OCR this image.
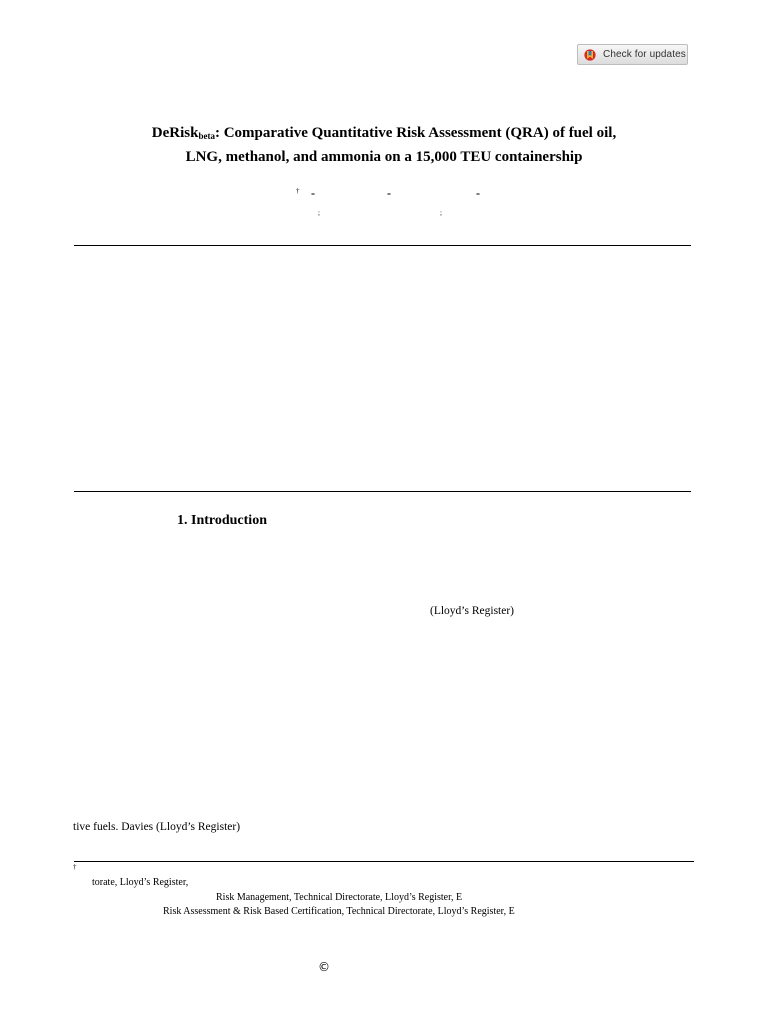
Check for updates
DeRisk$_{beta}$: Comparative Quantitative Risk Assessment (QRA) of fuel oil,
LNG, methanol, and ammonia on a 15,000 TEU containership
† -	-	-
;	;
1. Introduction
(Lloyd’s Register)
tive fuels. Davies (Lloyd’s Register)
†
torate, Lloyd’s Register,
Risk Management, Technical Directorate, Lloyd’s Register, E
Risk Assessment & Risk Based Certification, Technical Directorate, Lloyd’s Register, E
©
